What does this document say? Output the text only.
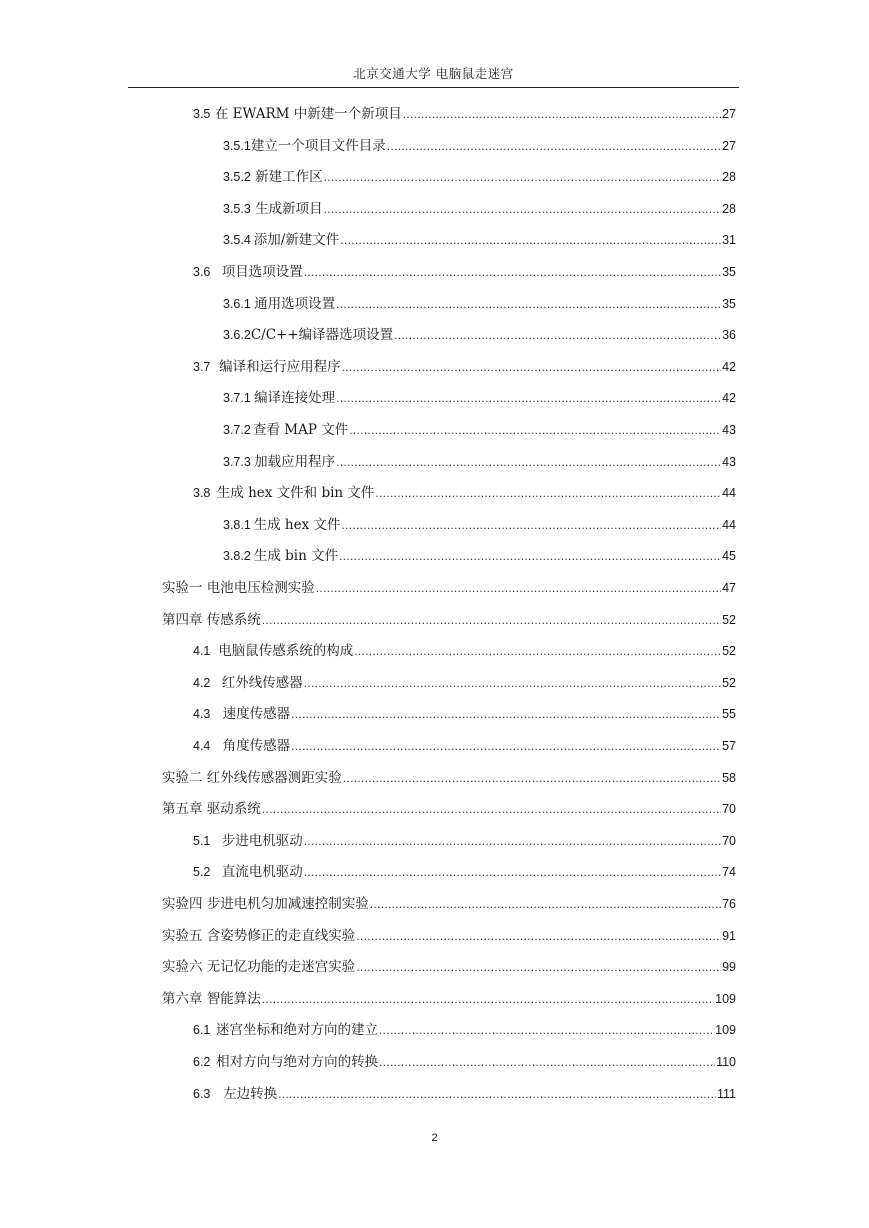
北京交通大学 电脑鼠走迷宫
3.5 在 EWARM 中新建一个新项目 .....	27
3.5.1 建立一个项目文件目录 .....	27
3.5.2 新建工作区 .....	28
3.5.3 生成新项目 .....	28
3.5.4 添加/新建文件 .....	31
3.6 项目选项设置 .....	35
3.6.1 通用选项设置 .....	35
3.6.2 C/C++编译器选项设置 .....	36
3.7 编译和运行应用程序 .....	42
3.7.1 编译连接处理 .....	42
3.7.2 查看 MAP 文件 .....	43
3.7.3 加载应用程序 .....	43
3.8 生成 hex 文件和 bin 文件 .....	44
3.8.1 生成 hex 文件 .....	44
3.8.2 生成 bin 文件 .....	45
实验一 电池电压检测实验 .....	47
第四章 传感系统 .....	52
4.1 电脑鼠传感系统的构成 .....	52
4.2 红外线传感器 .....	52
4.3 速度传感器 .....	55
4.4 角度传感器 .....	57
实验二 红外线传感器测距实验 .....	58
第五章 驱动系统 .....	70
5.1 步进电机驱动 .....	70
5.2 直流电机驱动 .....	74
实验四 步进电机匀加减速控制实验 .....	76
实验五 含姿势修正的走直线实验 .....	91
实验六 无记忆功能的走迷宫实验 .....	99
第六章 智能算法 .....	109
6.1 迷宫坐标和绝对方向的建立 .....	109
6.2 相对方向与绝对方向的转换 .....	110
6.3 左边转换 .....	111
2
